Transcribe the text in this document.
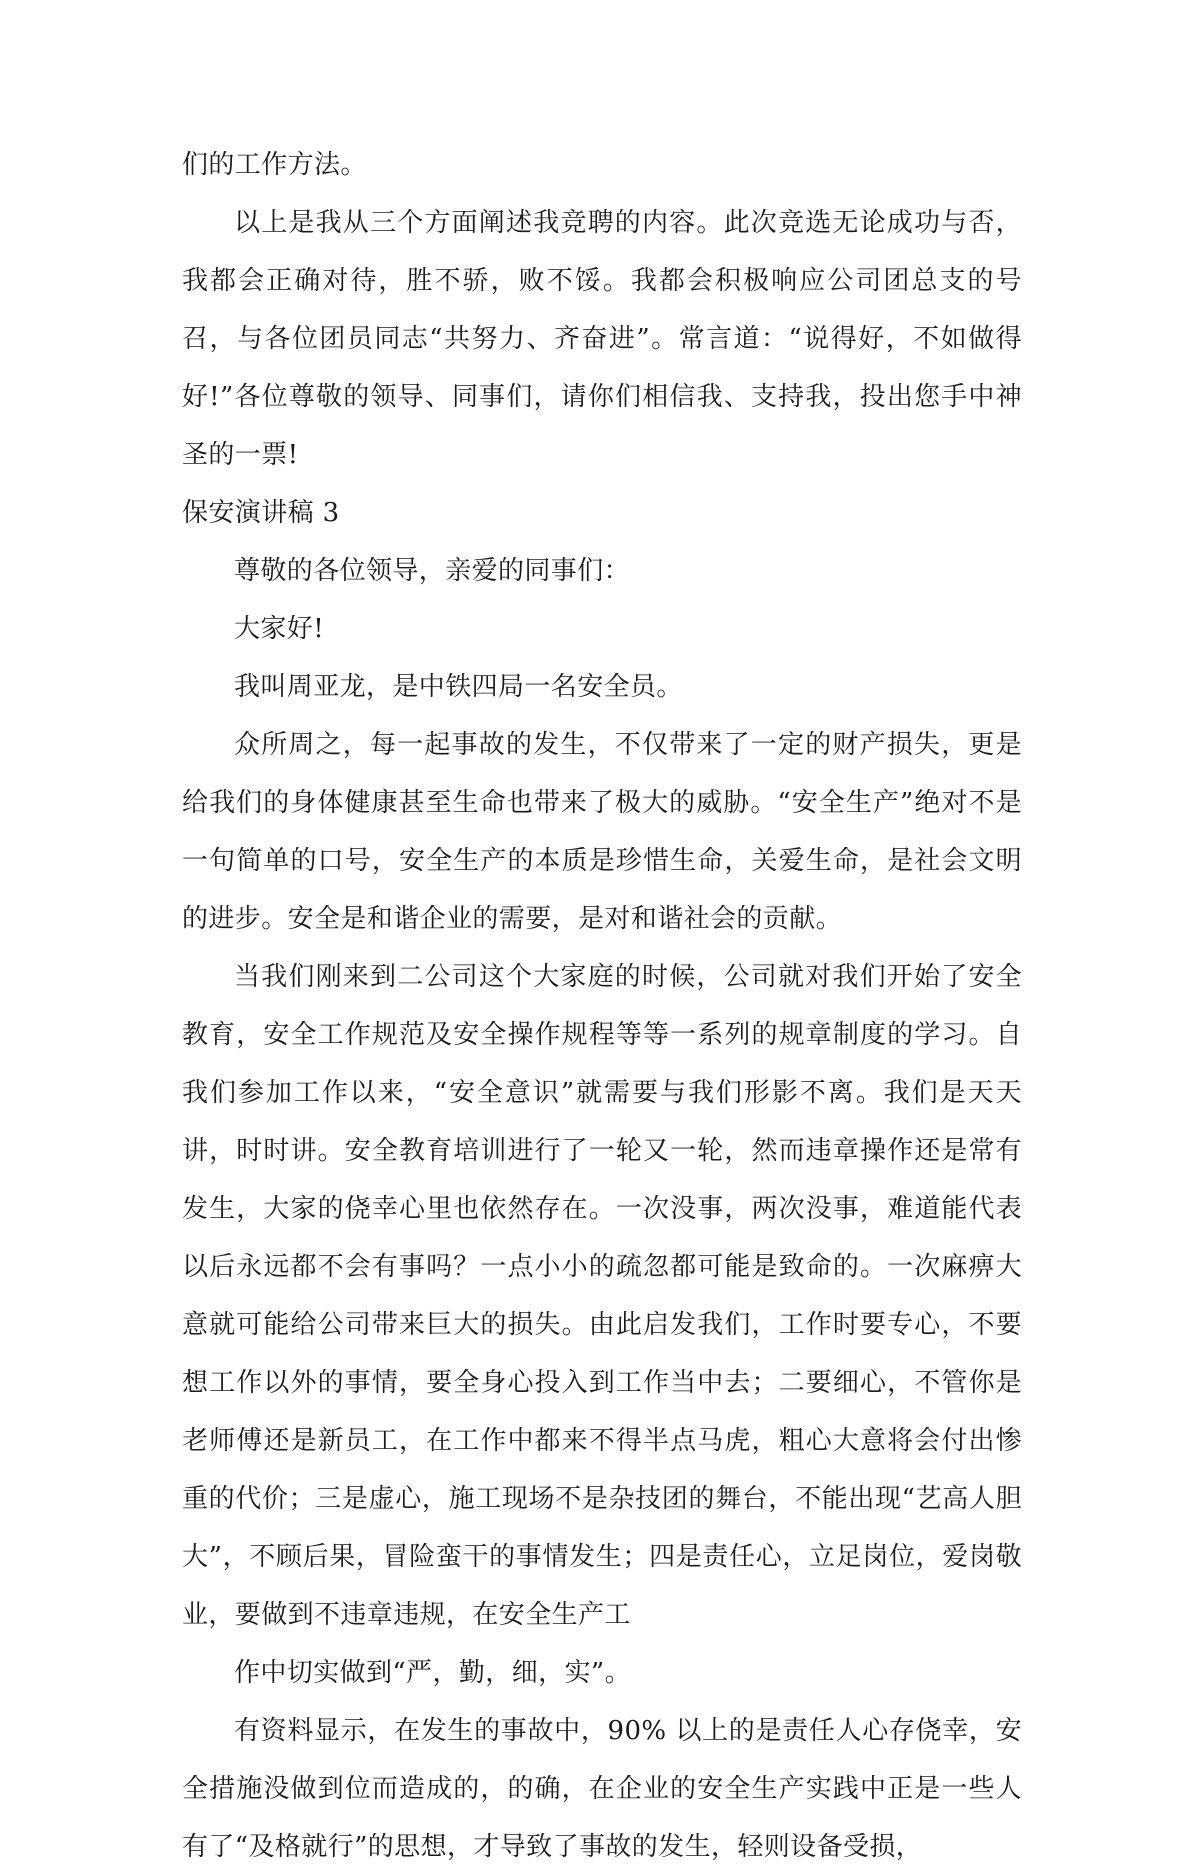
们的工作方法。

以上是我从三个方面阐述我竞聘的内容。此次竞选无论成功与否，我都会正确对待，胜不骄，败不馁。我都会积极响应公司团总支的号召，与各位团员同志“共努力、齐奋进”。常言道：“说得好，不如做得好!”各位尊敬的领导、同事们，请你们相信我、支持我，投出您手中神圣的一票!

保安演讲稿 3

尊敬的各位领导，亲爱的同事们：

大家好!

我叫周亚龙，是中铁四局一名安全员。

众所周之，每一起事故的发生，不仅带来了一定的财产损失，更是给我们的身体健康甚至生命也带来了极大的威胁。“安全生产”绝对不是一句简单的口号，安全生产的本质是珍惜生命，关爱生命，是社会文明的进步。安全是和谐企业的需要，是对和谐社会的贡献。

当我们刚来到二公司这个大家庭的时候，公司就对我们开始了安全教育，安全工作规范及安全操作规程等等一系列的规章制度的学习。自我们参加工作以来，“安全意识”就需要与我们形影不离。我们是天天讲，时时讲。安全教育培训进行了一轮又一轮，然而违章操作还是常有发生，大家的侥幸心里也依然存在。一次没事，两次没事，难道能代表以后永远都不会有事吗？一点小小的疏忽都可能是致命的。一次麻痹大意就可能给公司带来巨大的损失。由此启发我们，工作时要专心，不要想工作以外的事情，要全身心投入到工作当中去；二要细心，不管你是老师傅还是新员工，在工作中都来不得半点马虎，粗心大意将会付出惨重的代价；三是虚心，施工现场不是杂技团的舞台，不能出现“艺高人胆大”，不顾后果，冒险蛮干的事情发生；四是责任心，立足岗位，爱岗敬业，要做到不违章违规，在安全生产工

作中切实做到“严，勤，细，实”。

有资料显示，在发生的事故中，90% 以上的是责任人心存侥幸，安全措施没做到位而造成的，的确，在企业的安全生产实践中正是一些人有了“及格就行”的思想，才导致了事故的发生，轻则设备受损，
